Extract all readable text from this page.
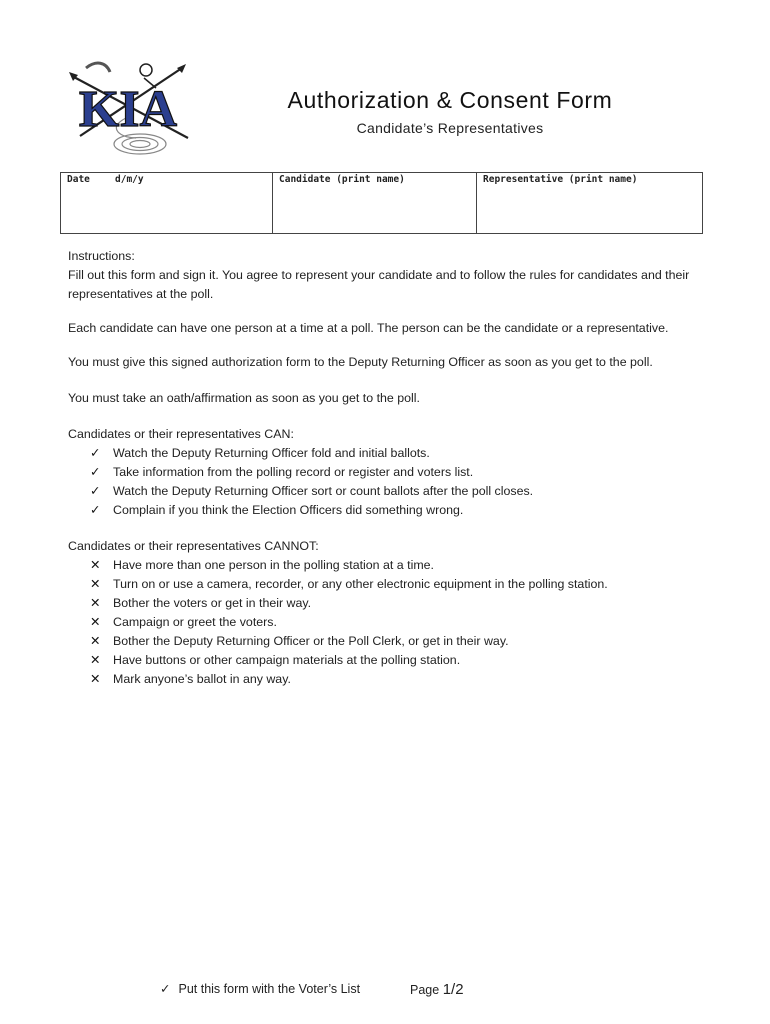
KIA	Authorization & Consent Form
Candidate’s Representatives
Date	d/m/y	Candidate (print name)	Representative (print name)

Instructions:

Fill out this form and sign it. You agree to represent your candidate and to follow the rules for candidates and their representatives at the poll.

Each candidate can have one person at a time at a poll. The person can be the candidate or a representative.

You must give this signed authorization form to the Deputy Returning Officer as soon as you get to the poll.

You must take an oath/affirmation as soon as you get to the poll.

Candidates or their representatives CAN:

✓ Watch the Deputy Returning Officer fold and initial ballots.
✓ Take information from the polling record or register and voters list.
✓ Watch the Deputy Returning Officer sort or count ballots after the poll closes.
✓ Complain if you think the Election Officers did something wrong.

Candidates or their representatives CANNOT:

✕ Have more than one person in the polling station at a time.
✕ Turn on or use a camera, recorder, or any other electronic equipment in the polling station.
✕ Bother the voters or get in their way.
✕ Campaign or greet the voters.
✕ Bother the Deputy Returning Officer or the Poll Clerk, or get in their way.
✕ Have buttons or other campaign materials at the polling station.
✕ Mark anyone’s ballot in any way.
✓ Put this form with the Voter’s List	Page 1/2
